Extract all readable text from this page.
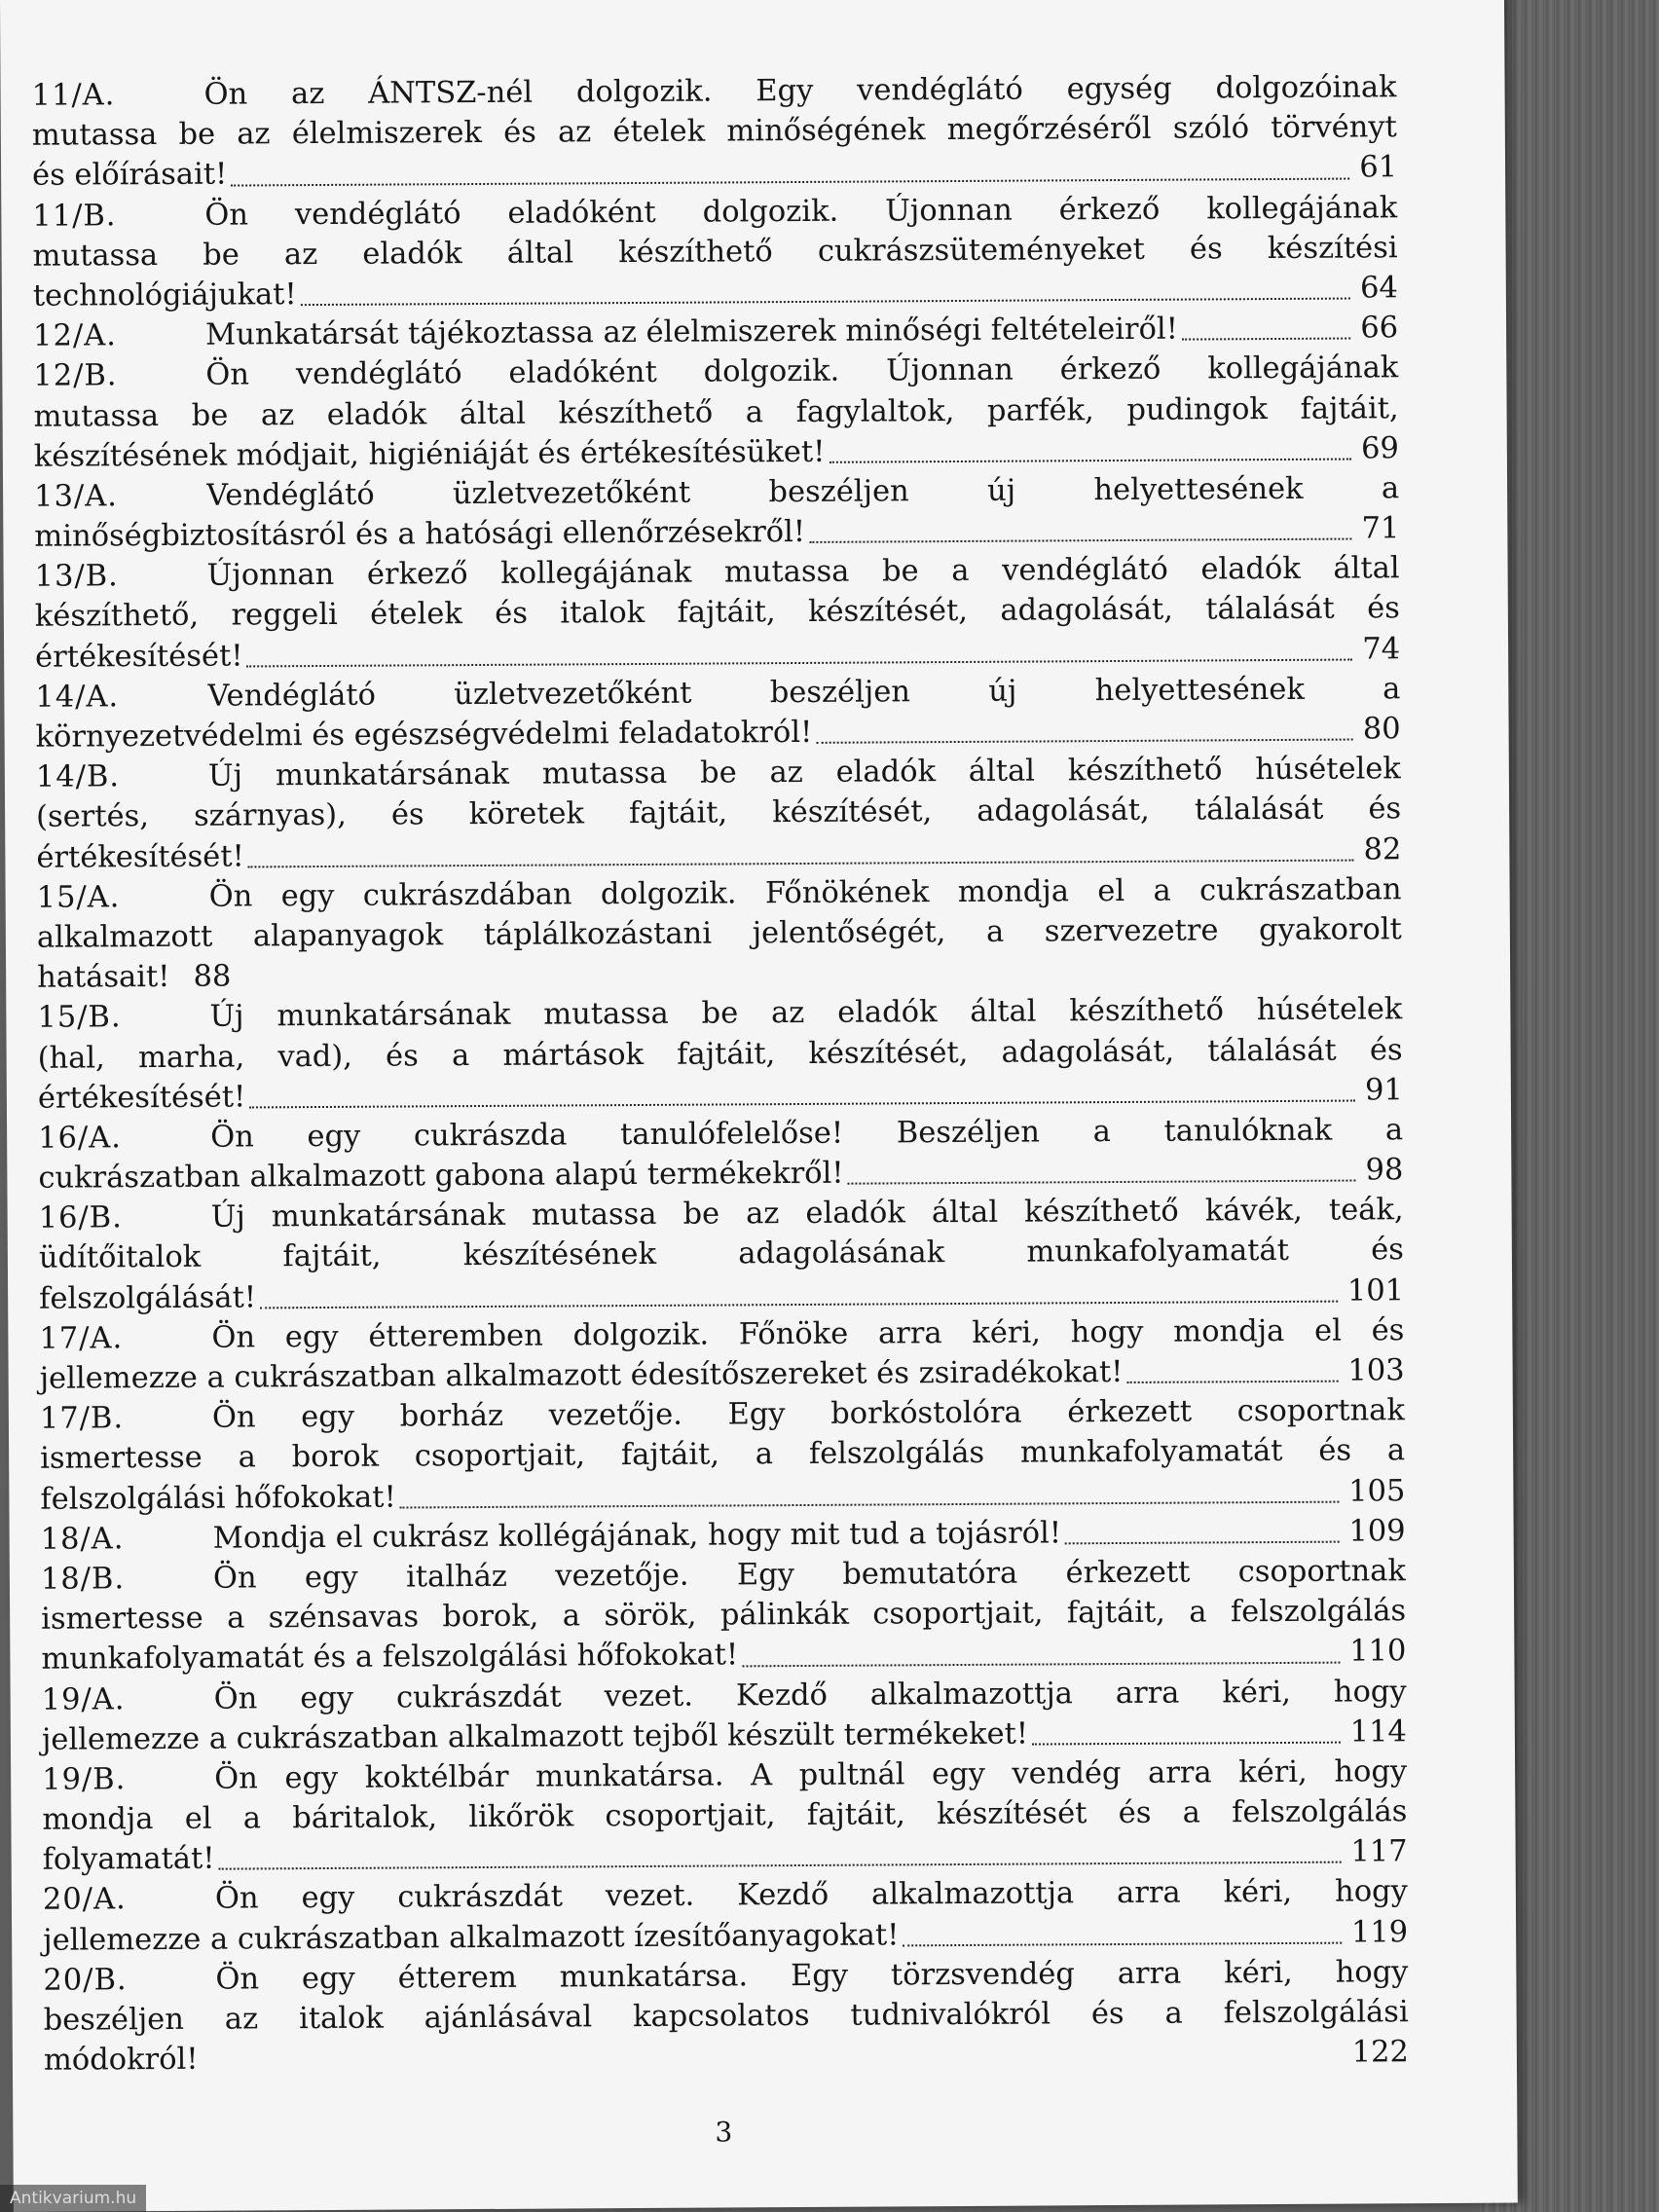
11/A.	Ön az ÁNTSZ-nél dolgozik. Egy vendéglátó egység dolgozóinak
mutassa be az élelmiszerek és az ételek minőségének megőrzéséről szóló törvényt
és előírásait!	61
11/B.	Ön vendéglátó eladóként dolgozik. Újonnan érkező kollegájának
mutassa be az eladók által készíthető cukrászsüteményeket és készítési
technológiájukat!	64
12/A.	Munkatársát tájékoztassa az élelmiszerek minőségi feltételeiről!	66
12/B.	Ön vendéglátó eladóként dolgozik. Újonnan érkező kollegájának
mutassa be az eladók által készíthető a fagylaltok, parfék, pudingok fajtáit,
készítésének módjait, higiéniáját és értékesítésüket!	69
13/A.	Vendéglátó üzletvezetőként beszéljen új helyettesének a
minőségbiztosításról és a hatósági ellenőrzésekről!	71
13/B.	Újonnan érkező kollegájának mutassa be a vendéglátó eladók által
készíthető, reggeli ételek és italok fajtáit, készítését, adagolását, tálalását és
értékesítését!	74
14/A.	Vendéglátó üzletvezetőként beszéljen új helyettesének a
környezetvédelmi és egészségvédelmi feladatokról!	80
14/B.	Új munkatársának mutassa be az eladók által készíthető húsételek
(sertés, szárnyas), és köretek fajtáit, készítését, adagolását, tálalását és
értékesítését!	82
15/A.	Ön egy cukrászdában dolgozik. Főnökének mondja el a cukrászatban
alkalmazott alapanyagok táplálkozástani jelentőségét, a szervezetre gyakorolt
hatásait! 88
15/B.	Új munkatársának mutassa be az eladók által készíthető húsételek
(hal, marha, vad), és a mártások fajtáit, készítését, adagolását, tálalását és
értékesítését!	91
16/A.	Ön egy cukrászda tanulófelelőse! Beszéljen a tanulóknak a
cukrászatban alkalmazott gabona alapú termékekről!	98
16/B.	Új munkatársának mutassa be az eladók által készíthető kávék, teák,
üdítőitalok fajtáit, készítésének adagolásának munkafolyamatát és
felszolgálását!	101
17/A.	Ön egy étteremben dolgozik. Főnöke arra kéri, hogy mondja el és
jellemezze a cukrászatban alkalmazott édesítőszereket és zsiradékokat!	103
17/B.	Ön egy borház vezetője. Egy borkóstolóra érkezett csoportnak
ismertesse a borok csoportjait, fajtáit, a felszolgálás munkafolyamatát és a
felszolgálási hőfokokat!	105
18/A.	Mondja el cukrász kollégájának, hogy mit tud a tojásról!	109
18/B.	Ön egy italház vezetője. Egy bemutatóra érkezett csoportnak
ismertesse a szénsavas borok, a sörök, pálinkák csoportjait, fajtáit, a felszolgálás
munkafolyamatát és a felszolgálási hőfokokat!	110
19/A.	Ön egy cukrászdát vezet. Kezdő alkalmazottja arra kéri, hogy
jellemezze a cukrászatban alkalmazott tejből készült termékeket!	114
19/B.	Ön egy koktélbár munkatársa. A pultnál egy vendég arra kéri, hogy
mondja el a báritalok, likőrök csoportjait, fajtáit, készítését és a felszolgálás
folyamatát!	117
20/A.	Ön egy cukrászdát vezet. Kezdő alkalmazottja arra kéri, hogy
jellemezze a cukrászatban alkalmazott ízesítőanyagokat!	119
20/B.	Ön egy étterem munkatársa. Egy törzsvendég arra kéri, hogy
beszéljen az italok ajánlásával kapcsolatos tudnivalókról és a felszolgálási
módokról!	122
3
Antikvarium.hu
